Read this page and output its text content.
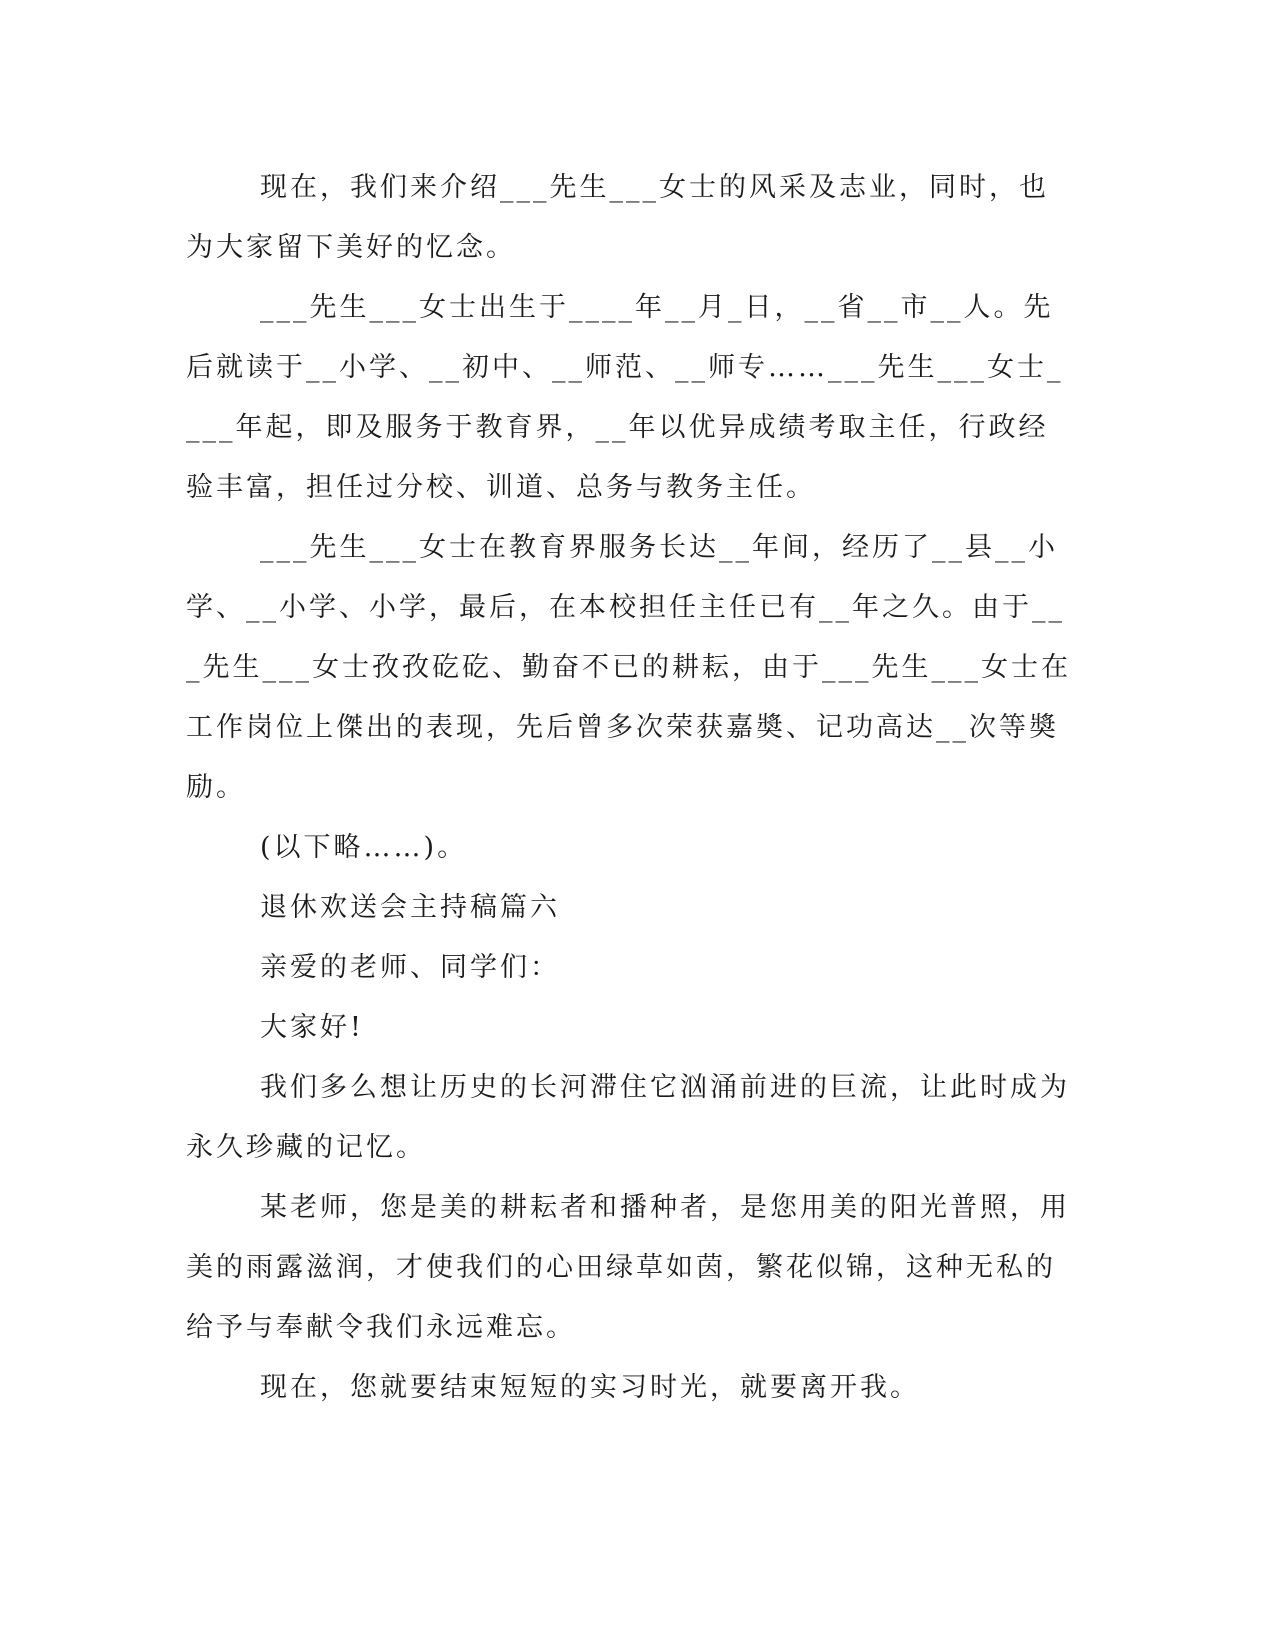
现在，我们来介绍___先生___女士的风采及志业，同时，也为大家留下美好的忆念。

___先生___女士出生于____年__月_日，__省__市__人。先后就读于__小学、__初中、__师范、__师专……___先生___女士____年起，即及服务于教育界，__年以优异成绩考取主任，行政经验丰富，担任过分校、训道、总务与教务主任。

___先生___女士在教育界服务长达__年间，经历了__县__小学、__小学、小学，最后，在本校担任主任已有__年之久。由于___先生___女士孜孜矻矻、勤奋不已的耕耘，由于___先生___女士在工作岗位上傑出的表现，先后曾多次荣获嘉奬、记功高达__次等奬励。

(以下略……)。

退休欢送会主持稿篇六

亲爱的老师、同学们：

大家好!

我们多么想让历史的长河滞住它汹涌前进的巨流，让此时成为永久珍藏的记忆。

某老师，您是美的耕耘者和播种者，是您用美的阳光普照，用美的雨露滋润，才使我们的心田绿草如茵，繁花似锦，这种无私的给予与奉献令我们永远难忘。

现在，您就要结束短短的实习时光，就要离开我。
